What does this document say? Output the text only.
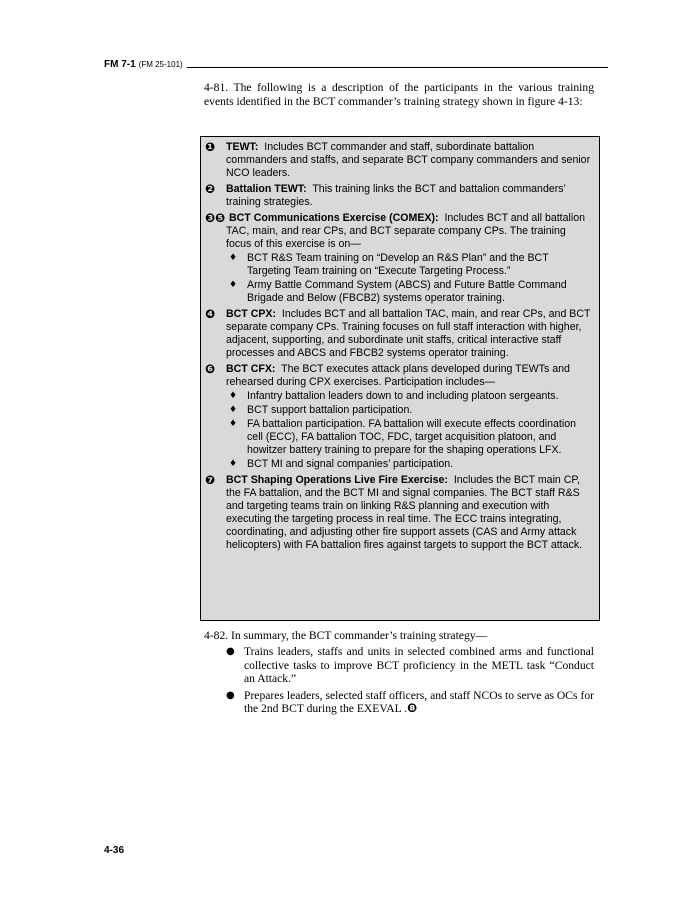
FM 7-1 (FM 25-101)
4-81. The following is a description of the participants in the various training events identified in the BCT commander’s training strategy shown in figure 4-13:
❶ TEWT: Includes BCT commander and staff, subordinate battalion commanders and staffs, and separate BCT company commanders and senior NCO leaders.
❷ Battalion TEWT: This training links the BCT and battalion commanders’ training strategies.
❸❺ BCT Communications Exercise (COMEX): Includes BCT and all battalion TAC, main, and rear CPs, and BCT separate company CPs. The training focus of this exercise is on—
♦ BCT R&S Team training on “Develop an R&S Plan” and the BCT Targeting Team training on “Execute Targeting Process.”
♦ Army Battle Command System (ABCS) and Future Battle Command Brigade and Below (FBCB2) systems operator training.
❹ BCT CPX: Includes BCT and all battalion TAC, main, and rear CPs, and BCT separate company CPs. Training focuses on full staff interaction with higher, adjacent, supporting, and subordinate unit staffs, critical interactive staff processes and ABCS and FBCB2 systems operator training.
❻ BCT CFX: The BCT executes attack plans developed during TEWTs and rehearsed during CPX exercises. Participation includes—
♦ Infantry battalion leaders down to and including platoon sergeants.
♦ BCT support battalion participation.
♦ FA battalion participation. FA battalion will execute effects coordination cell (ECC), FA battalion TOC, FDC, target acquisition platoon, and howitzer battery training to prepare for the shaping operations LFX.
♦ BCT MI and signal companies’ participation.
❼ BCT Shaping Operations Live Fire Exercise: Includes the BCT main CP, the FA battalion, and the BCT MI and signal companies. The BCT staff R&S and targeting teams train on linking R&S planning and execution with executing the targeting process in real time. The ECC trains integrating, coordinating, and adjusting other fire support assets (CAS and Army attack helicopters) with FA battalion fires against targets to support the BCT attack.
4-82. In summary, the BCT commander’s training strategy—
● Trains leaders, staffs and units in selected combined arms and functional collective tasks to improve BCT proficiency in the METL task “Conduct an Attack.”
● Prepares leaders, selected staff officers, and staff NCOs to serve as OCs for the 2nd BCT during the EXEVAL .❽
4-36
